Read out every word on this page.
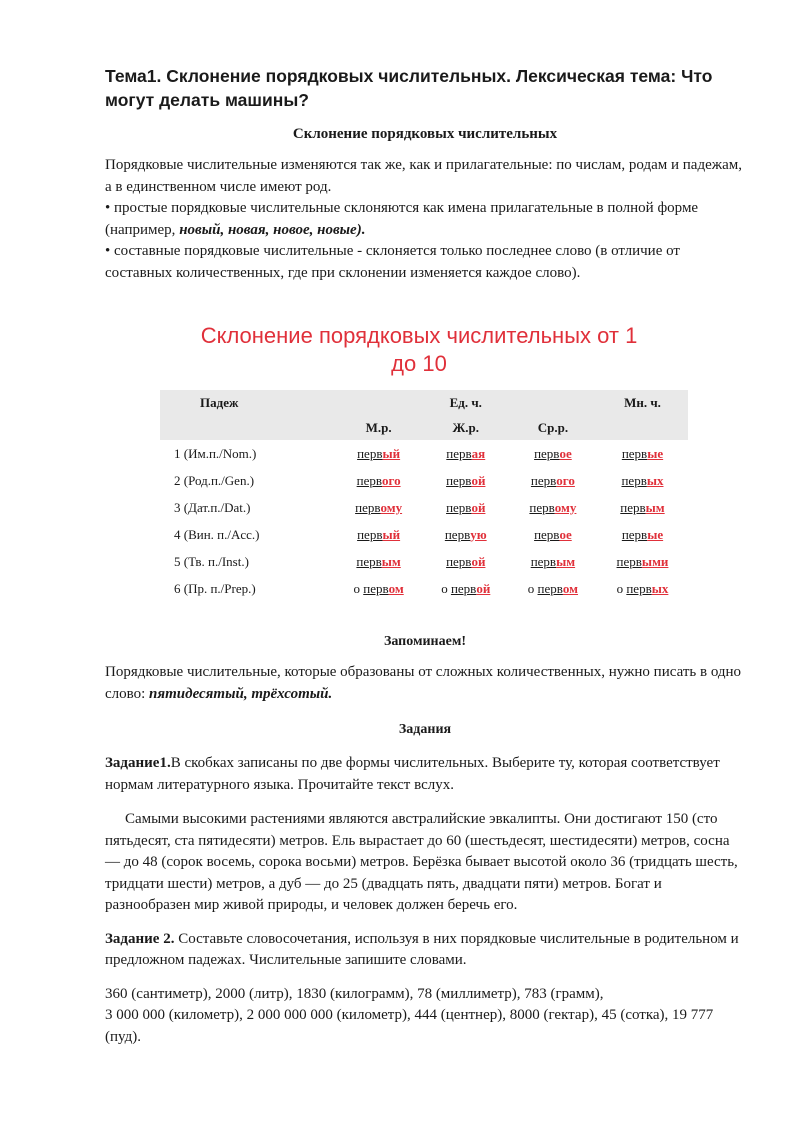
Тема1. Склонение порядковых числительных. Лексическая тема: Что могут делать машины?
Склонение порядковых числительных

Порядковые числительные изменяются так же, как и прилагательные: по числам, родам и падежам, а в единственном числе имеют род.

• простые порядковые числительные склоняются как имена прилагательные в полной форме (например, новый, новая, новое, новые).

• составные порядковые числительные - склоняется только последнее слово (в отличие от составных количественных, где при склонении изменяется каждое слово).

Склонение порядковых числительных от 1
до 10
Падеж		Ед. ч.		Мн. ч.
	М.р.	Ж.р.	Ср.р.	
1 (Им.п./Nom.)	первый	первая	первое	первые
2 (Род.п./Gen.)	первого	первой	первого	первых
3 (Дат.п./Dat.)	первому	первой	первому	первым
4 (Вин. п./Acc.)	первый	первую	первое	первые
5 (Тв. п./Inst.)	первым	первой	первым	первыми
6 (Пр. п./Prep.)	о первом	о первой	о первом	о первых
Запоминаем!

Порядковые числительные, которые образованы от сложных количественных, нужно писать в одно слово: пятидесятый, трёхсотый.

Задания

Задание1.В скобках записаны по две формы числительных. Выберите ту, которая соответствует нормам литературного языка. Прочитайте текст вслух.

Самыми высокими растениями являются австралийские эвкалипты. Они достигают 150 (сто пятьдесят, ста пятидесяти) метров. Ель вырастает до 60 (шестьдесят, шестидесяти) метров, сосна — до 48 (сорок восемь, сорока восьми) метров. Берёзка бывает высотой около 36 (тридцать шесть, тридцати шести) метров, а дуб — до 25 (двадцать пять, двадцати пяти) метров. Богат и разнообразен мир живой природы, и человек должен беречь его.

Задание 2. Составьте словосочетания, используя в них порядковые числительные в родительном и предложном падежах. Числительные запишите словами.

360 (сантиметр), 2000 (литр), 1830 (килограмм), 78 (миллиметр), 783 (грамм),

3 000 000 (километр), 2 000 000 000 (километр), 444 (центнер), 8000 (гектар), 45 (сотка), 19 777 (пуд).
